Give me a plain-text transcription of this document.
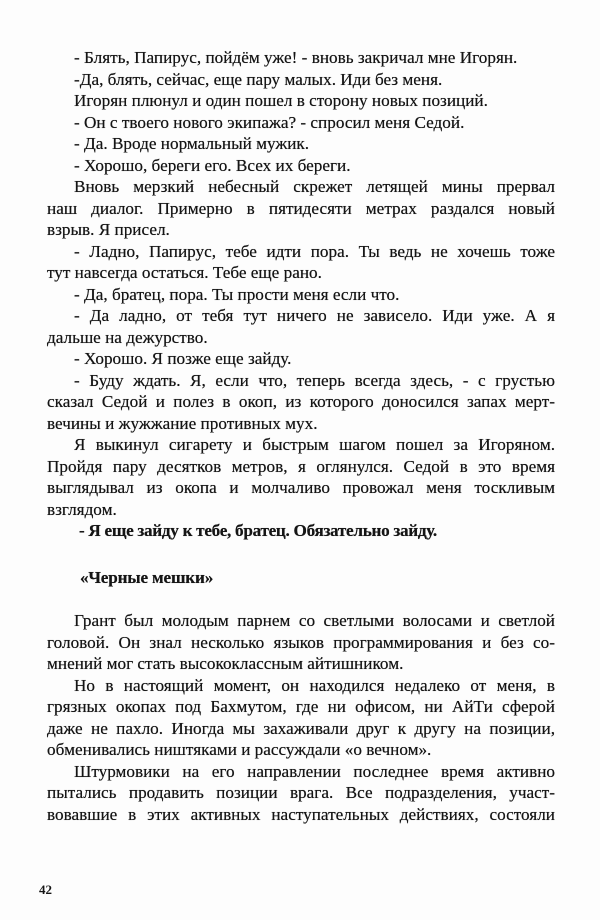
- Блять, Папирус, пойдём уже! - вновь закричал мне Игорян.
-Да, блять, сейчас, еще пару малых. Иди без меня.
Игорян плюнул и один пошел в сторону новых позиций.
- Он с твоего нового экипажа? - спросил меня Седой.
- Да. Вроде нормальный мужик.
- Хорошо, береги его. Всех их береги.
Вновь мерзкий небесный скрежет летящей мины прервал
наш диалог. Примерно в пятидесяти метрах раздался новый
взрыв. Я присел.
- Ладно, Папирус, тебе идти пора. Ты ведь не хочешь тоже
тут навсегда остаться. Тебе еще рано.
- Да, братец, пора. Ты прости меня если что.
- Да ладно, от тебя тут ничего не зависело. Иди уже. А я
дальше на дежурство.
- Хорошо. Я позже еще зайду.
- Буду ждать. Я, если что, теперь всегда здесь, - с грустью
сказал Седой и полез в окоп, из которого доносился запах мерт-
вечины и жужжание противных мух.
Я выкинул сигарету и быстрым шагом пошел за Игоряном.
Пройдя пару десятков метров, я оглянулся. Седой в это время
выглядывал из окопа и молчаливо провожал меня тоскливым
взглядом.
- Я еще зайду к тебе, братец. Обязательно зайду.
«Черные мешки»
Грант был молодым парнем со светлыми волосами и светлой
головой. Он знал несколько языков программирования и без со-
мнений мог стать высококлассным айтишником.
Но в настоящий момент, он находился недалеко от меня, в
грязных окопах под Бахмутом, где ни офисом, ни АйТи сферой
даже не пахло. Иногда мы захаживали друг к другу на позиции,
обменивались ништяками и рассуждали «о вечном».
Штурмовики на его направлении последнее время активно
пытались продавить позиции врага. Все подразделения, участ-
вовавшие в этих активных наступательных действиях, состояли
42
